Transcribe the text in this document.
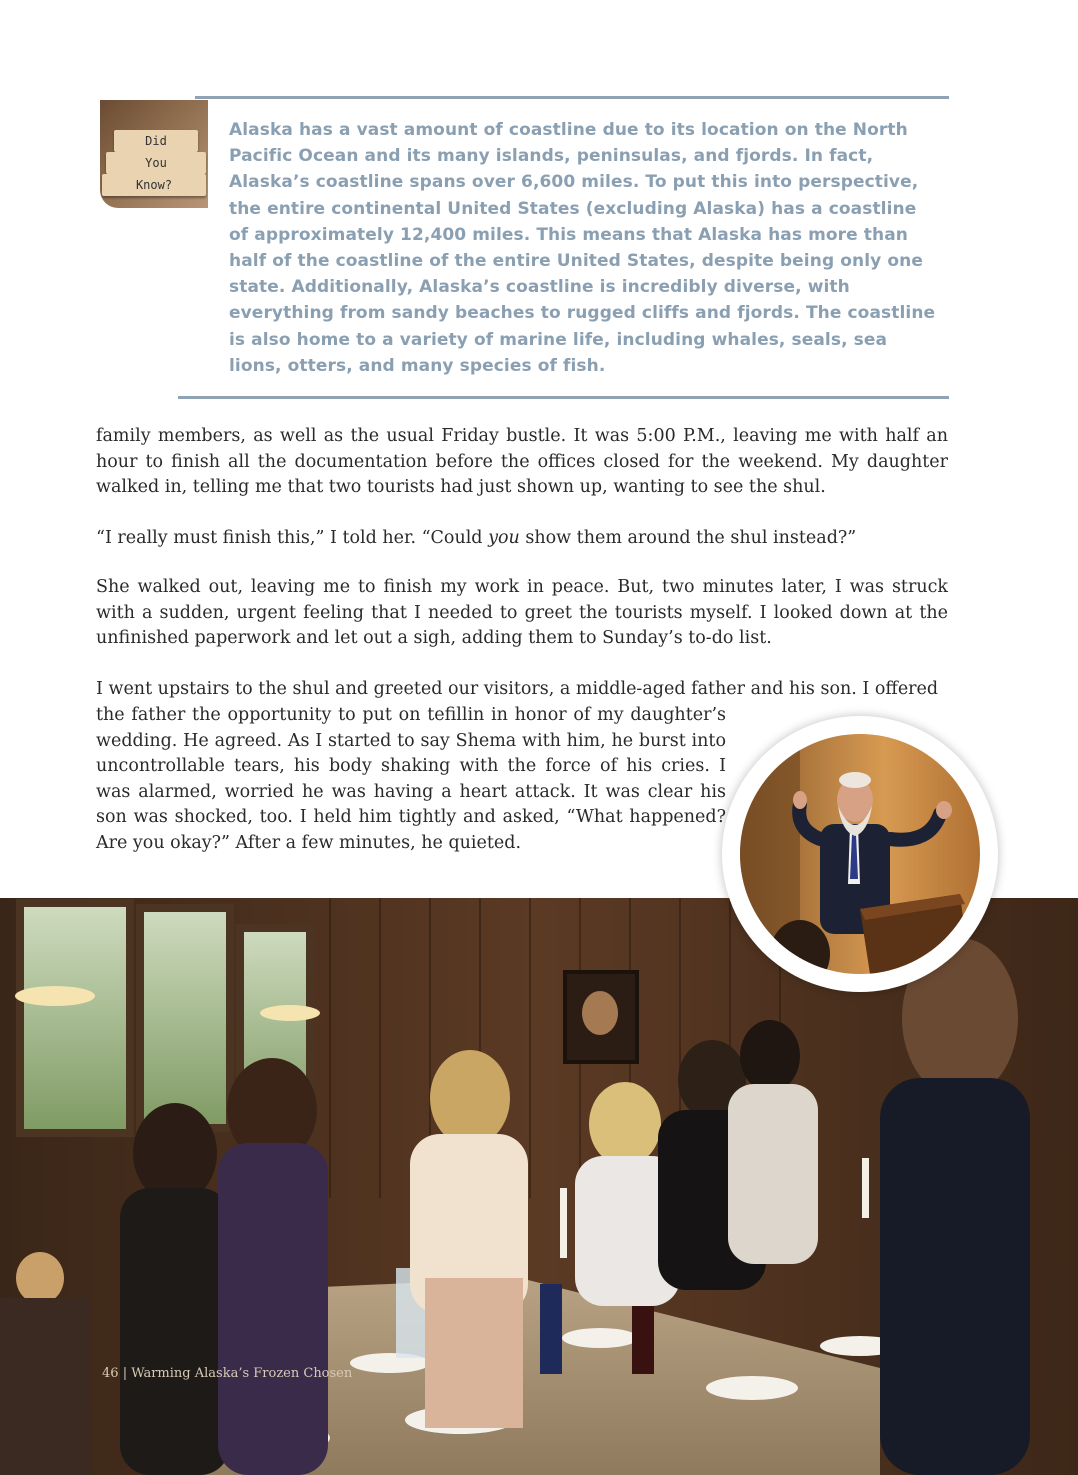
Did
You
Know?
Alaska has a vast amount of coastline due to its location on the North Pacific Ocean and its many islands, peninsulas, and fjords. In fact, Alaska’s coastline spans over 6,600 miles. To put this into perspective, the entire continental United States (excluding Alaska) has a coastline of approximately 12,400 miles. This means that Alaska has more than half of the coastline of the entire United States, despite being only one state. Additionally, Alaska’s coastline is incredibly diverse, with everything from sandy beaches to rugged cliffs and fjords. The coastline is also home to a variety of marine life, including whales, seals, sea lions, otters, and many species of fish.

family members, as well as the usual Friday bustle. It was 5:00 P.M., leaving me with half an hour to finish all the documentation before the offices closed for the weekend. My daughter walked in, telling me that two tourists had just shown up, wanting to see the shul.

“I really must finish this,” I told her. “Could you show them around the shul instead?”

She walked out, leaving me to finish my work in peace. But, two minutes later, I was struck with a sudden, urgent feeling that I needed to greet the tourists myself. I looked down at the unfinished paperwork and let out a sigh, adding them to Sunday’s to-do list.

I went upstairs to the shul and greeted our visitors, a middle-aged father and his son. I offered

the father the opportunity to put on tefillin in honor of my daughter’s wedding. He agreed. As I started to say Shema with him, he burst into uncontrollable tears, his body shaking with the force of his cries. I was alarmed, worried he was having a heart attack. It was clear his son was shocked, too. I held him tightly and asked, “What happened? Are you okay?” After a few minutes, he quieted.

46 | Warming Alaska’s Frozen Chosen
